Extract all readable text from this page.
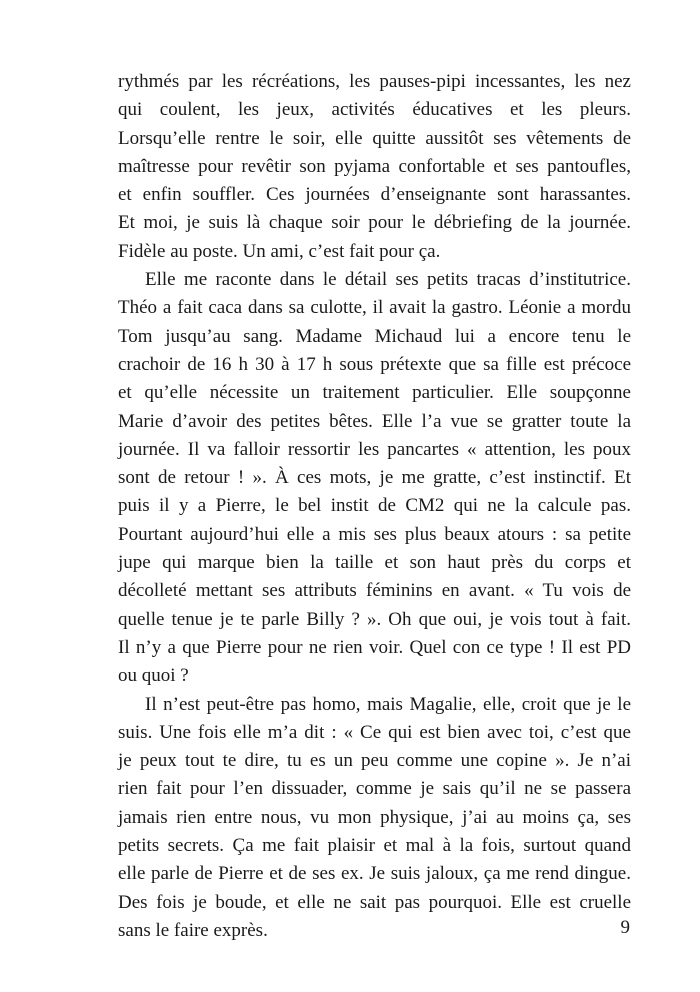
rythmés par les récréations, les pauses-pipi incessantes, les nez

qui coulent, les jeux, activités éducatives et les pleurs.

Lorsqu’elle rentre le soir, elle quitte aussitôt ses vêtements de

maîtresse pour revêtir son pyjama confortable et ses pantoufles,

et enfin souffler. Ces journées d’enseignante sont harassantes.

Et moi, je suis là chaque soir pour le débriefing de la journée.

Fidèle au poste. Un ami, c’est fait pour ça.

Elle me raconte dans le détail ses petits tracas d’institutrice.

Théo a fait caca dans sa culotte, il avait la gastro. Léonie a mordu

Tom jusqu’au sang. Madame Michaud lui a encore tenu le

crachoir de 16 h 30 à 17 h sous prétexte que sa fille est précoce

et qu’elle nécessite un traitement particulier. Elle soupçonne

Marie d’avoir des petites bêtes. Elle l’a vue se gratter toute la

journée. Il va falloir ressortir les pancartes « attention, les poux

sont de retour ! ». À ces mots, je me gratte, c’est instinctif. Et

puis il y a Pierre, le bel instit de CM2 qui ne la calcule pas.

Pourtant aujourd’hui elle a mis ses plus beaux atours : sa petite

jupe qui marque bien la taille et son haut près du corps et

décolleté mettant ses attributs féminins en avant. « Tu vois de

quelle tenue je te parle Billy ? ». Oh que oui, je vois tout à fait.

Il n’y a que Pierre pour ne rien voir. Quel con ce type ! Il est PD

ou quoi ?

Il n’est peut-être pas homo, mais Magalie, elle, croit que je le

suis. Une fois elle m’a dit : « Ce qui est bien avec toi, c’est que

je peux tout te dire, tu es un peu comme une copine ». Je n’ai

rien fait pour l’en dissuader, comme je sais qu’il ne se passera

jamais rien entre nous, vu mon physique, j’ai au moins ça, ses

petits secrets. Ça me fait plaisir et mal à la fois, surtout quand

elle parle de Pierre et de ses ex. Je suis jaloux, ça me rend dingue.

Des fois je boude, et elle ne sait pas pourquoi. Elle est cruelle

sans le faire exprès.	9
